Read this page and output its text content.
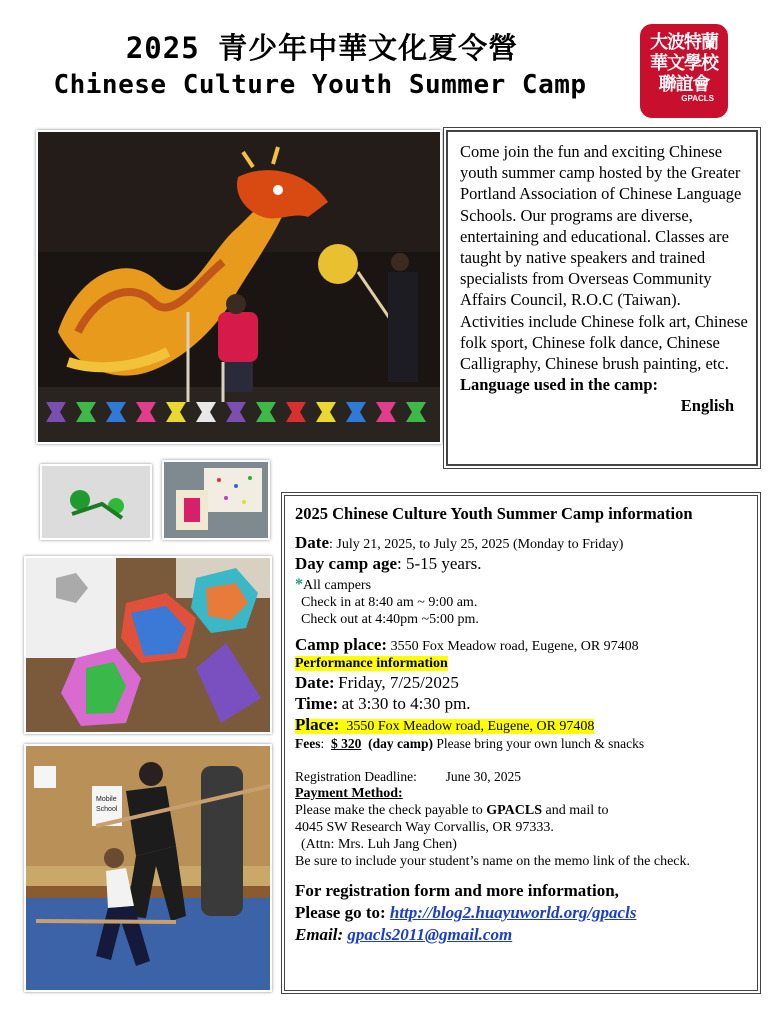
2025 青少年中華文化夏令營
Chinese Culture Youth Summer Camp
大波特蘭
華文學校
聯誼會
GPACLS
Mobile
School
Come join the fun and exciting Chinese youth summer camp hosted by the Greater Portland Association of Chinese Language Schools. Our programs are diverse, entertaining and educational. Classes are taught by native speakers and trained specialists from Overseas Community Affairs Council, R.O.C (Taiwan). Activities include Chinese folk art, Chinese folk sport, Chinese folk dance, Chinese Calligraphy, Chinese brush painting, etc.
Language used in the camp:
English
2025 Chinese Culture Youth Summer Camp information
Date: July 21, 2025, to July 25, 2025 (Monday to Friday)
Day camp age: 5-15 years.
*All campers
Check in at 8:40 am ~ 9:00 am.
Check out at 4:40pm ~5:00 pm.
Camp place: 3550 Fox Meadow road, Eugene, OR 97408
Performance information
Date: Friday, 7/25/2025
Time: at 3:30 to 4:30 pm.
Place: 3550 Fox Meadow road, Eugene, OR 97408
Fees: $ 320 (day camp) Please bring your own lunch & snacks
Registration Deadline: June 30, 2025
Payment Method:
Please make the check payable to GPACLS and mail to
4045 SW Research Way Corvallis, OR 97333.
(Attn: Mrs. Luh Jang Chen)
Be sure to include your student’s name on the memo link of the check.
For registration form and more information,
Please go to: http://blog2.huayuworld.org/gpacls
Email: gpacls2011@gmail.com
